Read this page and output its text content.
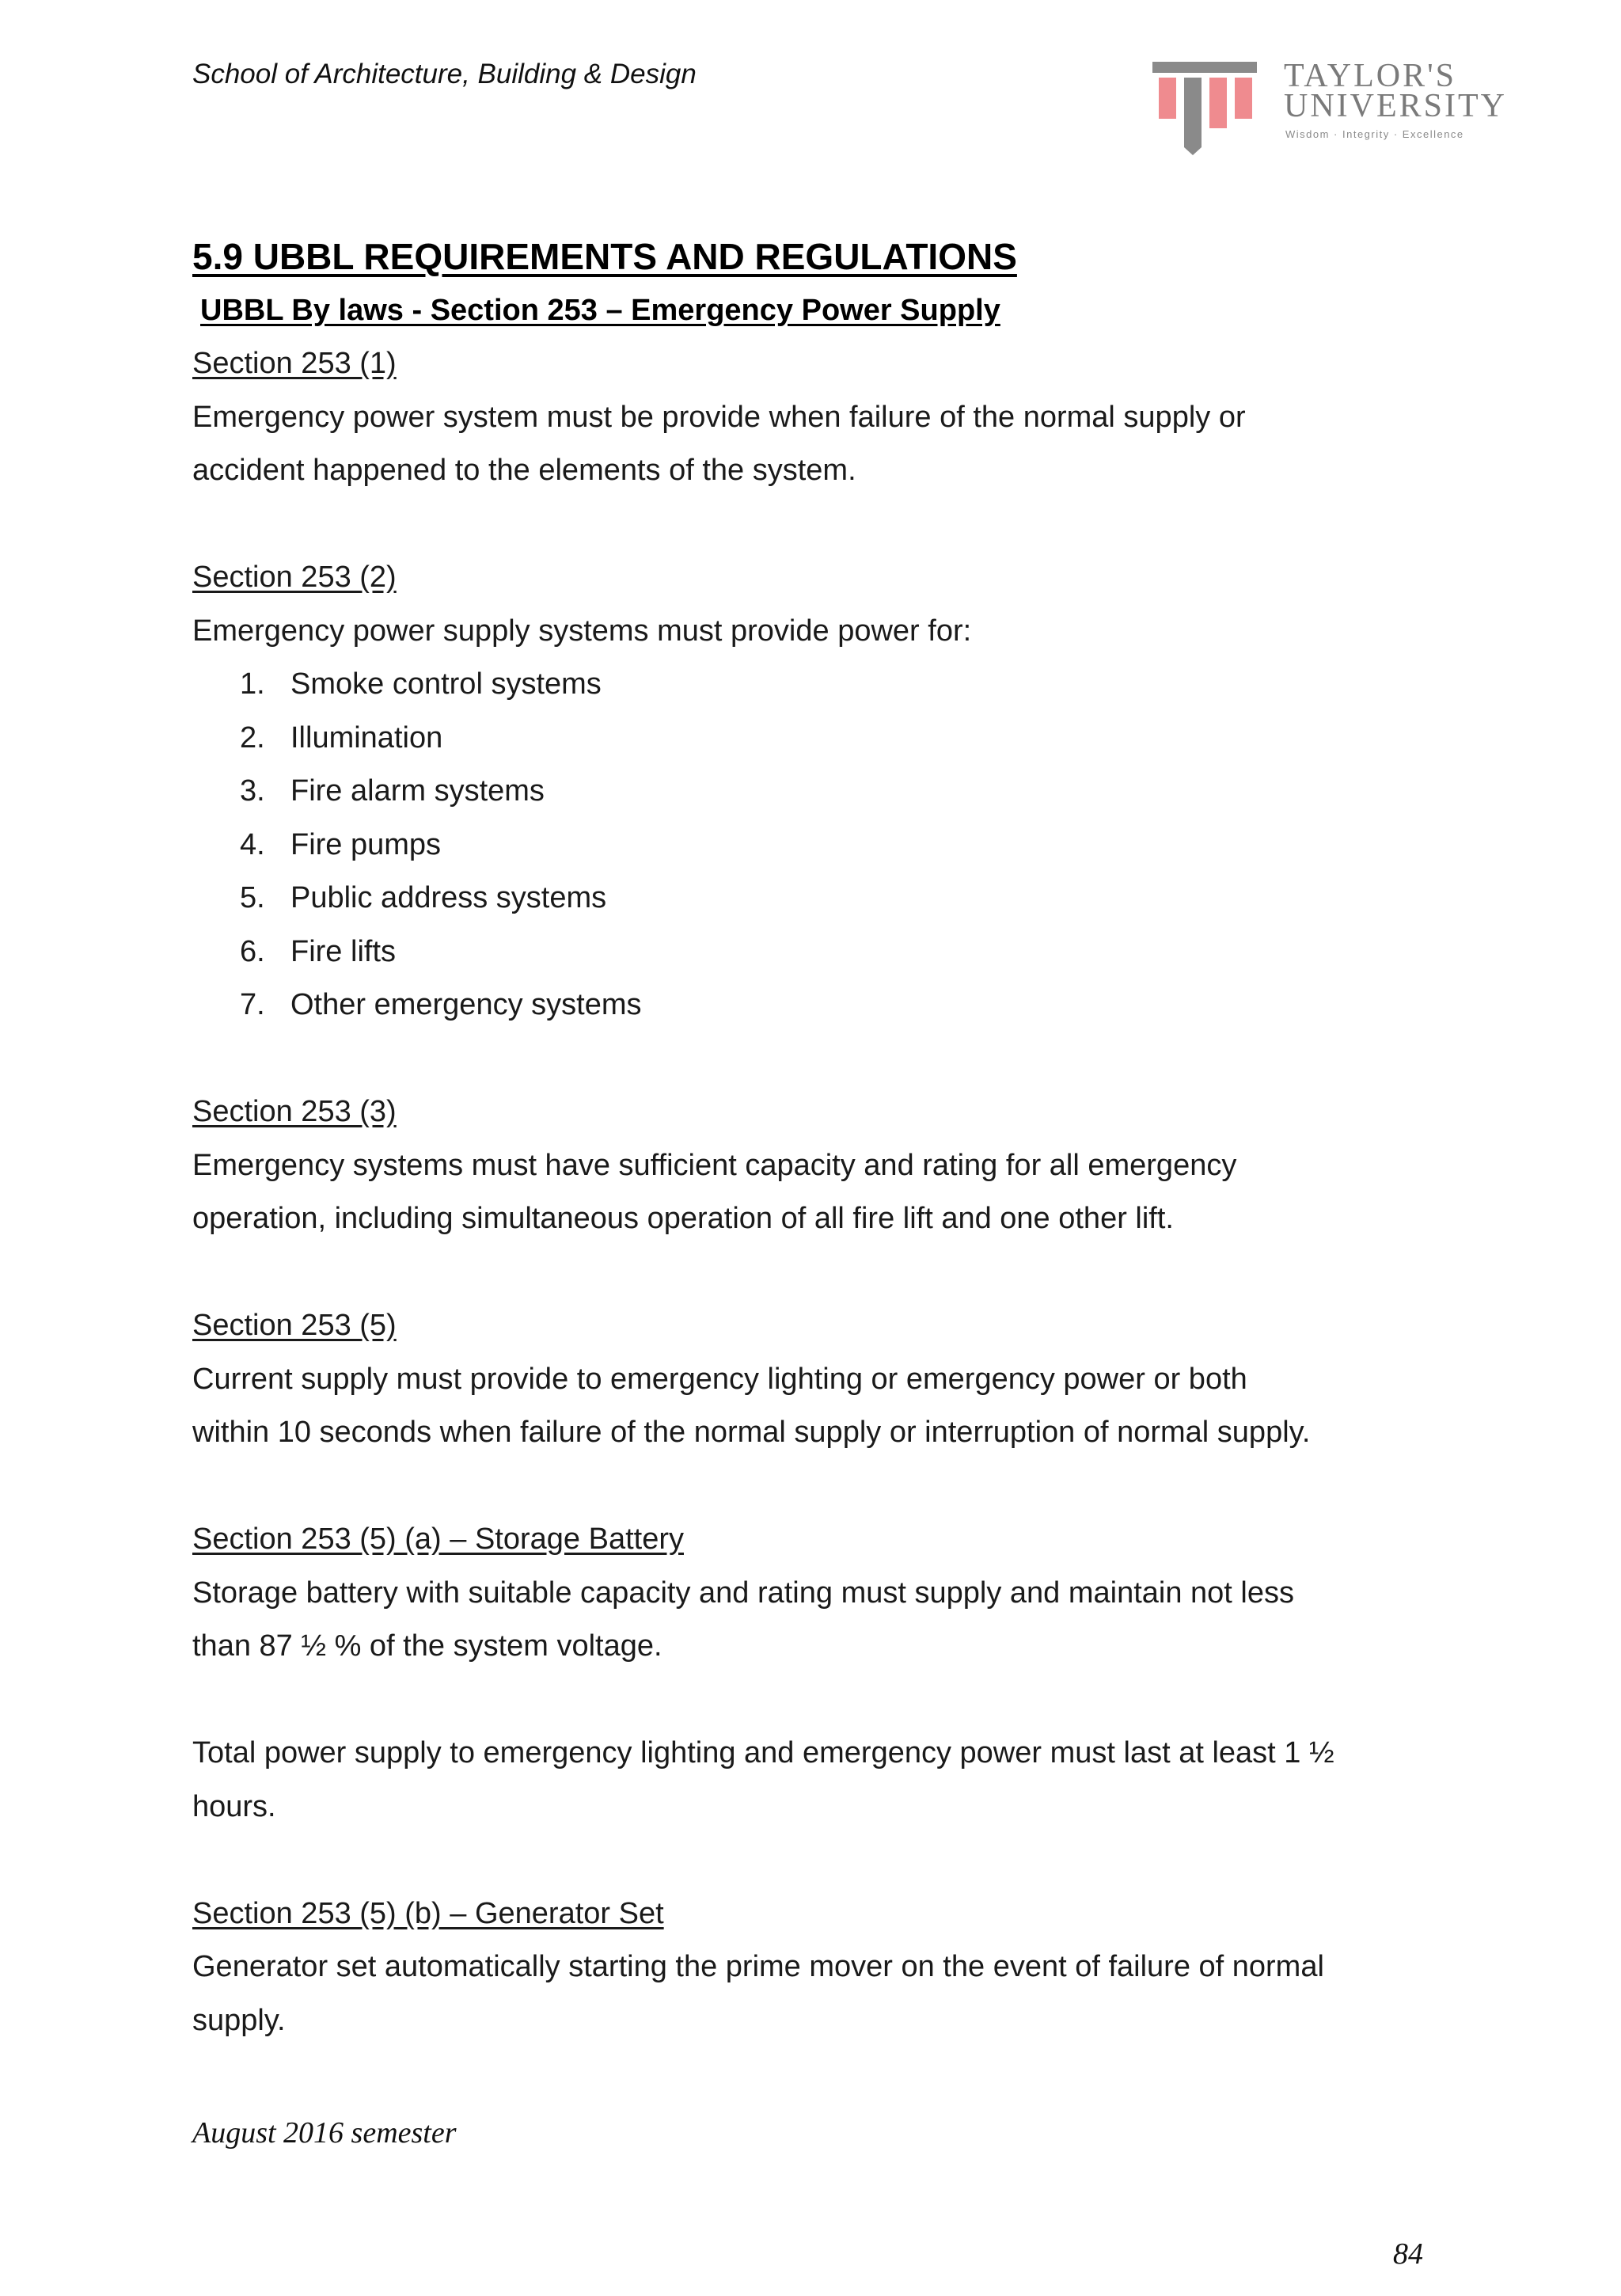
School of Architecture, Building & Design	TAYLOR'S
UNIVERSITY
Wisdom · Integrity · Excellence
5.9 UBBL REQUIREMENTS AND REGULATIONS
UBBL By laws - Section 253 – Emergency Power Supply

Section 253 (1)

Emergency power system must be provide when failure of the normal supply or

accident happened to the elements of the system.

Section 253 (2)

Emergency power supply systems must provide power for:

1. Smoke control systems
2. Illumination
3. Fire alarm systems
4. Fire pumps
5. Public address systems
6. Fire lifts
7. Other emergency systems

Section 253 (3)

Emergency systems must have sufficient capacity and rating for all emergency

operation, including simultaneous operation of all fire lift and one other lift.

Section 253 (5)

Current supply must provide to emergency lighting or emergency power or both

within 10 seconds when failure of the normal supply or interruption of normal supply.

Section 253 (5) (a) – Storage Battery

Storage battery with suitable capacity and rating must supply and maintain not less

than 87 ½ % of the system voltage.

Total power supply to emergency lighting and emergency power must last at least 1 ½

hours.

Section 253 (5) (b) – Generator Set

Generator set automatically starting the prime mover on the event of failure of normal

supply.

August 2016 semester
84
